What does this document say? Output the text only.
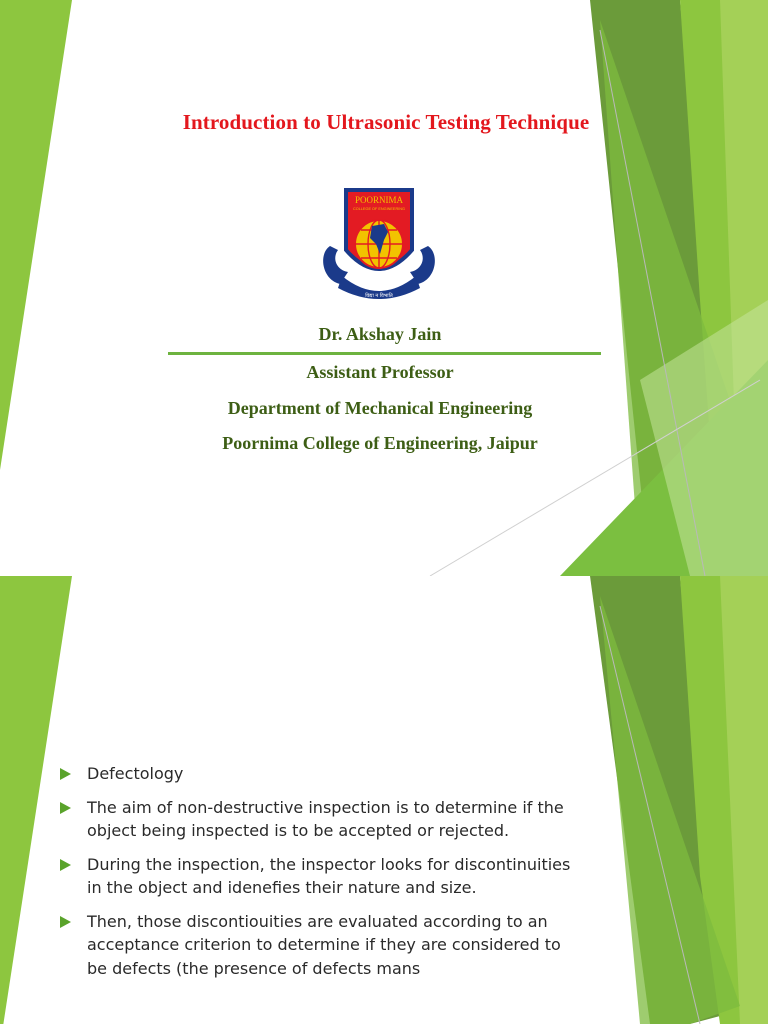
Introduction to Ultrasonic Testing Technique
POORNIMA
COLLEGE OF ENGINEERING
विद्या न विभाति
Dr. Akshay Jain
Assistant Professor
Department of Mechanical Engineering
Poornima College of Engineering, Jaipur
Defectology
The aim of non-destructive inspection is to determine if the object being inspected is to be accepted or rejected.
During the inspection, the inspector looks for discontinuities in the object and idenefies their nature and size.
Then, those discontiouities are evaluated according to an acceptance criterion to determine if they are considered to be defects (the presence of defects mans
